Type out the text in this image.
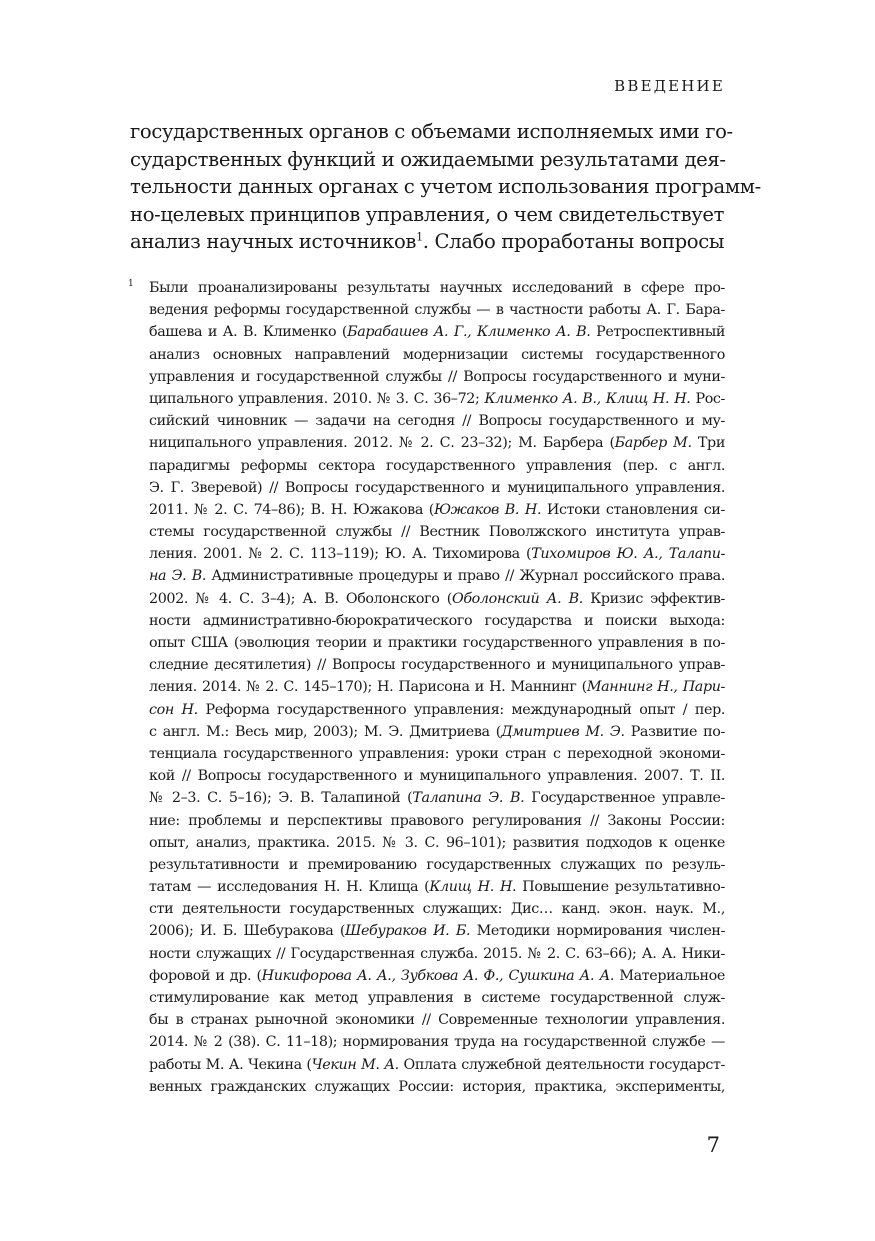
ВВЕДЕНИЕ
государственных органов с объемами исполняемых ими го-
сударственных функций и ожидаемыми результатами дея-
тельности данных органах с учетом использования программ-
но-целевых принципов управления, о чем свидетельствует
анализ научных источников$^1$. Слабо проработаны вопросы
1 Были проанализированы результаты научных исследований в сфере про-
ведения реформы государственной службы — в частности работы А. Г. Бара-
башева и А. В. Клименко (Барабашев А. Г., Клименко А. В. Ретроспективный
анализ основных направлений модернизации системы государственного
управления и государственной службы // Вопросы государственного и муни-
ципального управления. 2010. № 3. С. 36–72; Клименко А. В., Клищ Н. Н. Рос-
сийский чиновник — задачи на сегодня // Вопросы государственного и му-
ниципального управления. 2012. № 2. С. 23–32); М. Барбера (Барбер М. Три
парадигмы реформы сектора государственного управления (пер. с англ.
Э. Г. Зверевой) // Вопросы государственного и муниципального управления.
2011. № 2. С. 74–86); В. Н. Южакова (Южаков В. Н. Истоки становления си-
стемы государственной службы // Вестник Поволжского института управ-
ления. 2001. № 2. С. 113–119); Ю. А. Тихомирова (Тихомиров Ю. А., Талапи-
на Э. В. Административные процедуры и право // Журнал российского права.
2002. № 4. С. 3–4); А. В. Оболонского (Оболонский А. В. Кризис эффектив-
ности административно-бюрократического государства и поиски выхода:
опыт США (эволюция теории и практики государственного управления в по-
следние десятилетия) // Вопросы государственного и муниципального управ-
ления. 2014. № 2. С. 145–170); Н. Парисона и Н. Маннинг (Маннинг Н., Пари-
сон Н. Реформа государственного управления: международный опыт / пер.
с англ. М.: Весь мир, 2003); М. Э. Дмитриева (Дмитриев М. Э. Развитие по-
тенциала государственного управления: уроки стран с переходной экономи-
кой // Вопросы государственного и муниципального управления. 2007. Т. II.
№ 2–3. С. 5–16); Э. В. Талапиной (Талапина Э. В. Государственное управле-
ние: проблемы и перспективы правового регулирования // Законы России:
опыт, анализ, практика. 2015. № 3. С. 96–101); развития подходов к оценке
результативности и премированию государственных служащих по резуль-
татам — исследования Н. Н. Клища (Клищ Н. Н. Повышение результативно-
сти деятельности государственных служащих: Дис… канд. экон. наук. М.,
2006); И. Б. Шебуракова (Шебураков И. Б. Методики нормирования числен-
ности служащих // Государственная служба. 2015. № 2. С. 63–66); А. А. Ники-
форовой и др. (Никифорова А. А., Зубкова А. Ф., Сушкина А. А. Материальное
стимулирование как метод управления в системе государственной служ-
бы в странах рыночной экономики // Современные технологии управления.
2014. № 2 (38). С. 11–18); нормирования труда на государственной службе —
работы М. А. Чекина (Чекин М. А. Оплата служебной деятельности государст-
венных гражданских служащих России: история, практика, эксперименты,
7
